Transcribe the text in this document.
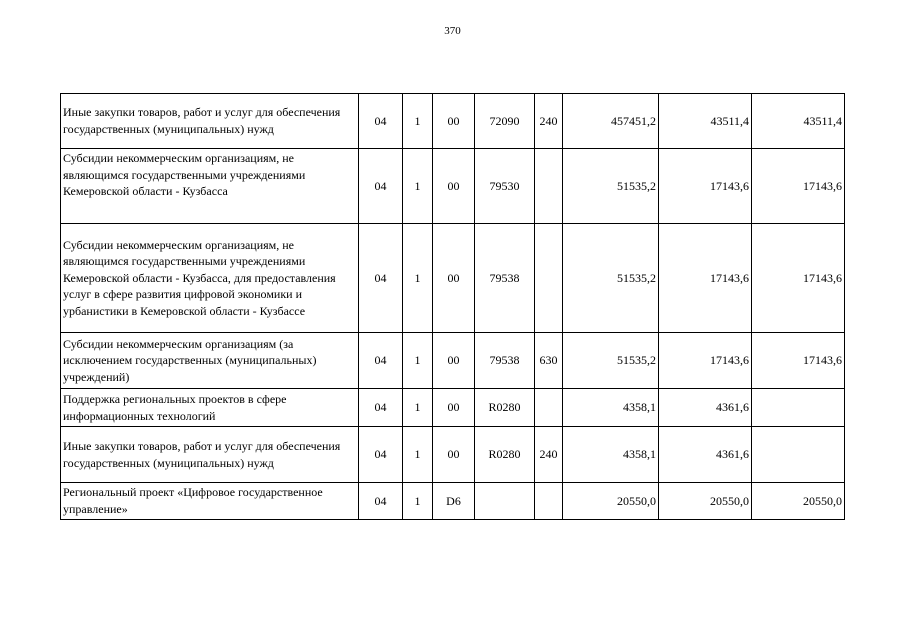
370
Иные закупки товаров, работ и услуг для обеспечения государственных (муниципальных) нужд	04	1	00	72090	240	457451,2	43511,4	43511,4
Субсидии некоммерческим организациям, не являющимся государственными учреждениями Кемеровской области - Кузбасса	04	1	00	79530		51535,2	17143,6	17143,6
Субсидии некоммерческим организациям, не являющимся государственными учреждениями Кемеровской области - Кузбасса, для предоставления услуг в сфере развития цифровой экономики и урбанистики в Кемеровской области - Кузбассе	04	1	00	79538		51535,2	17143,6	17143,6
Субсидии некоммерческим организациям (за исключением государственных (муниципальных) учреждений)	04	1	00	79538	630	51535,2	17143,6	17143,6
Поддержка региональных проектов в сфере информационных технологий	04	1	00	R0280		4358,1	4361,6	
Иные закупки товаров, работ и услуг для обеспечения государственных (муниципальных) нужд	04	1	00	R0280	240	4358,1	4361,6	
Региональный проект «Цифровое государственное управление»	04	1	D6			20550,0	20550,0	20550,0
